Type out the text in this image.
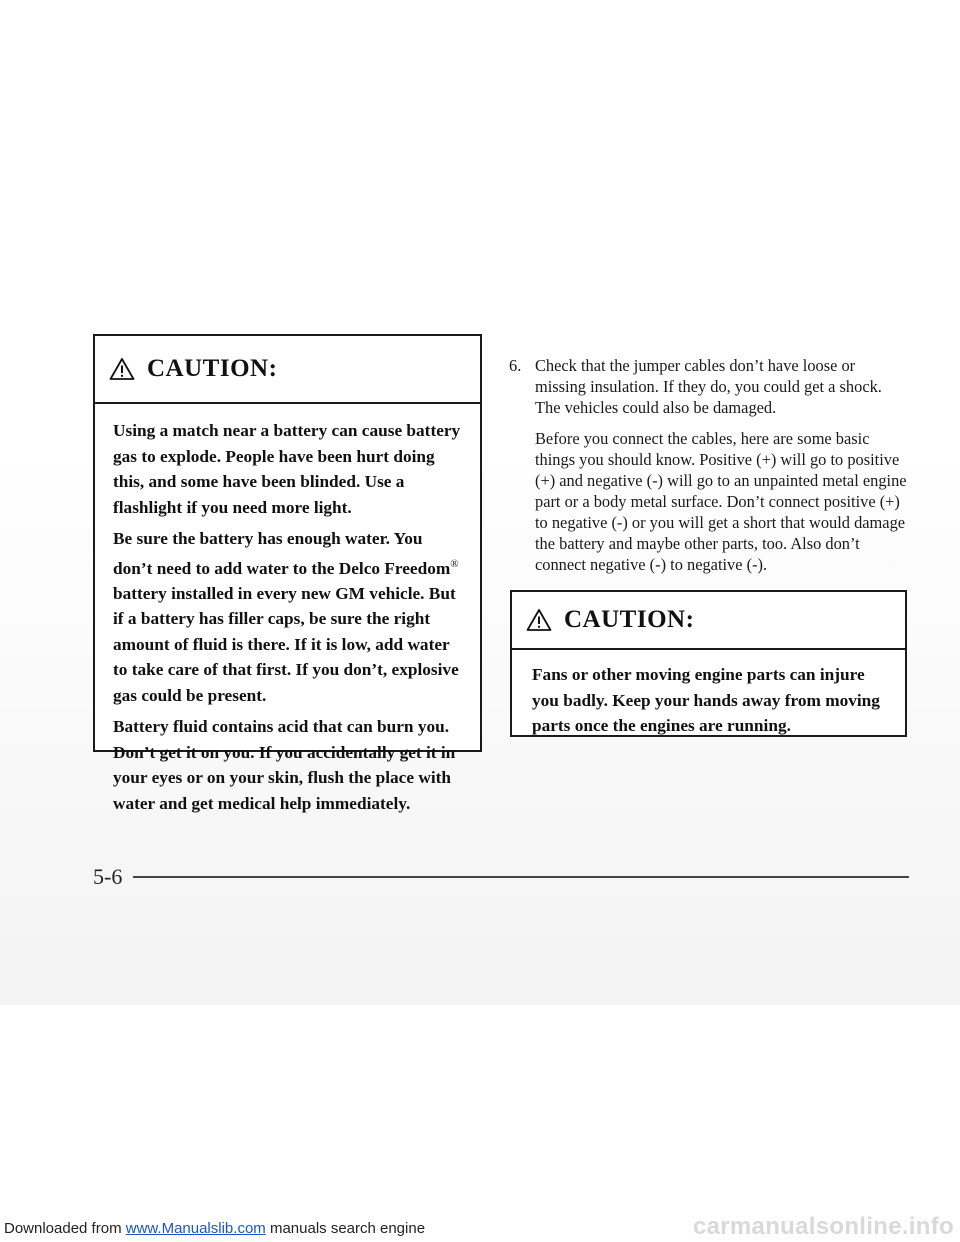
CAUTION:

Using a match near a battery can cause battery gas to explode. People have been hurt doing this, and some have been blinded. Use a flashlight if you need more light.

Be sure the battery has enough water. You don’t need to add water to the Delco Freedom® battery installed in every new GM vehicle. But if a battery has filler caps, be sure the right amount of fluid is there. If it is low, add water to take care of that first. If you don’t, explosive gas could be present.

Battery fluid contains acid that can burn you. Don’t get it on you. If you accidentally get it in your eyes or on your skin, flush the place with water and get medical help immediately.

6. Check that the jumper cables don’t have loose or missing insulation. If they do, you could get a shock. The vehicles could also be damaged.

Before you connect the cables, here are some basic things you should know. Positive (+) will go to positive (+) and negative (-) will go to an unpainted metal engine part or a body metal surface. Don’t connect positive (+) to negative (-) or you will get a short that would damage the battery and maybe other parts, too. Also don’t connect negative (-) to negative (-).

CAUTION:

Fans or other moving engine parts can injure you badly. Keep your hands away from moving parts once the engines are running.

5-6
Downloaded from www.Manualslib.com manuals search engine	carmanualsonline.info
